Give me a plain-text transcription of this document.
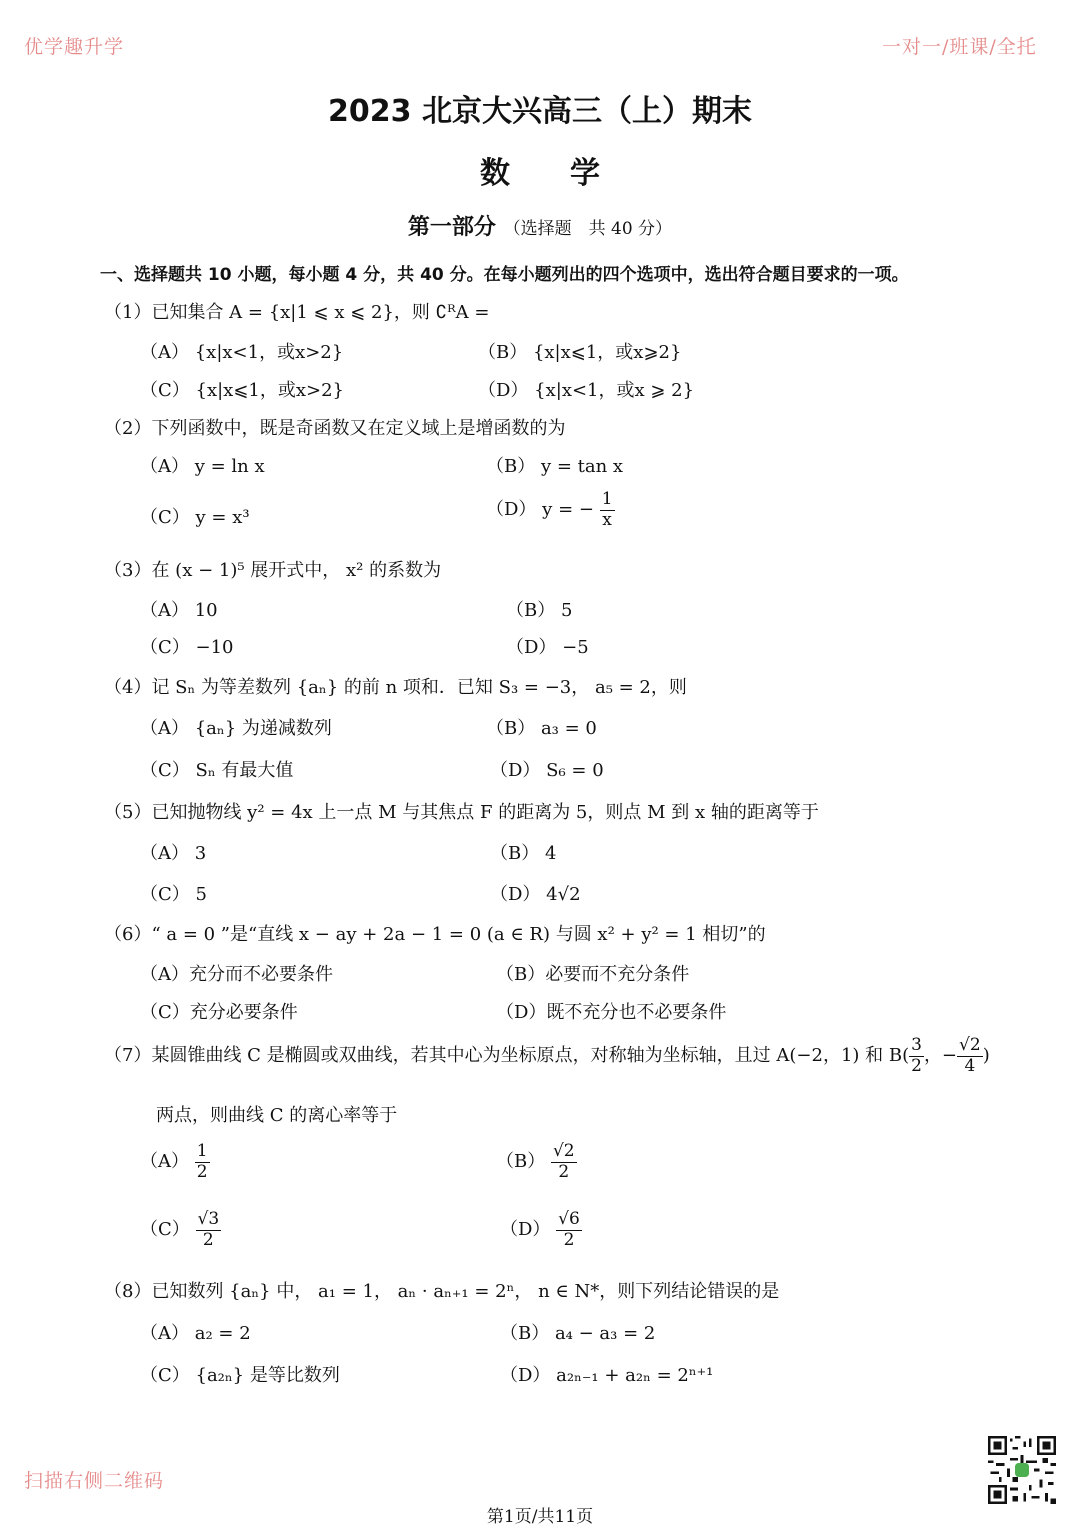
优学趣升学	一对一/班课/全托
扫描右侧二维码
2023 北京大兴高三（上）期末
数　　学
第一部分 （选择题　共 40 分）
一、选择题共 10 小题，每小题 4 分，共 40 分。在每小题列出的四个选项中，选出符合题目要求的一项。
（1）已知集合 A = {x|1 ⩽ x ⩽ 2}，则 ∁ᴿA =
（A） {x|x<1，或x>2}	（B） {x|x⩽1，或x⩾2}
（C） {x|x⩽1，或x>2}	（D） {x|x<1，或x ⩾ 2}
（2）下列函数中，既是奇函数又在定义域上是增函数的为
（A） y = ln x	（B） y = tan x
（C） y = x³	（D） y = − $\frac{1}{x}$
（3）在 (x − 1)⁵ 展开式中， x² 的系数为
（A） 10	（B） 5
（C） −10	（D） −5
（4）记 Sₙ 为等差数列 {aₙ} 的前 n 项和．已知 S₃ = −3， a₅ = 2，则
（A） {aₙ} 为递减数列	（B） a₃ = 0
（C） Sₙ 有最大值	（D） S₆ = 0
（5）已知抛物线 y² = 4x 上一点 M 与其焦点 F 的距离为 5，则点 M 到 x 轴的距离等于
（A） 3	（B） 4
（C） 5	（D） 4√2
（6）“ a = 0 ”是“直线 x − ay + 2a − 1 = 0 (a ∈ R) 与圆 x² + y² = 1 相切”的
（A）充分而不必要条件	（B）必要而不充分条件
（C）充分必要条件	（D）既不充分也不必要条件
（7）某圆锥曲线 C 是椭圆或双曲线，若其中心为坐标原点，对称轴为坐标轴，且过 A(−2，1) 和 $B( \frac{3}{2}$ ，− $\frac{√2}{4}$ )
两点，则曲线 C 的离心率等于
$(A) \frac{1}{2}$	$(B) \frac{√2}{2}$
$(C) \frac{√3}{2}$	$(D) \frac{√6}{2}$
（8）已知数列 {aₙ} 中， a₁ = 1， aₙ · aₙ₊₁ = 2ⁿ， n ∈ N*，则下列结论错误的是
（A） a₂ = 2	（B） a₄ − a₃ = 2
（C） {a₂ₙ} 是等比数列	（D） a₂ₙ₋₁ + a₂ₙ = 2ⁿ⁺¹
第1页/共11页
